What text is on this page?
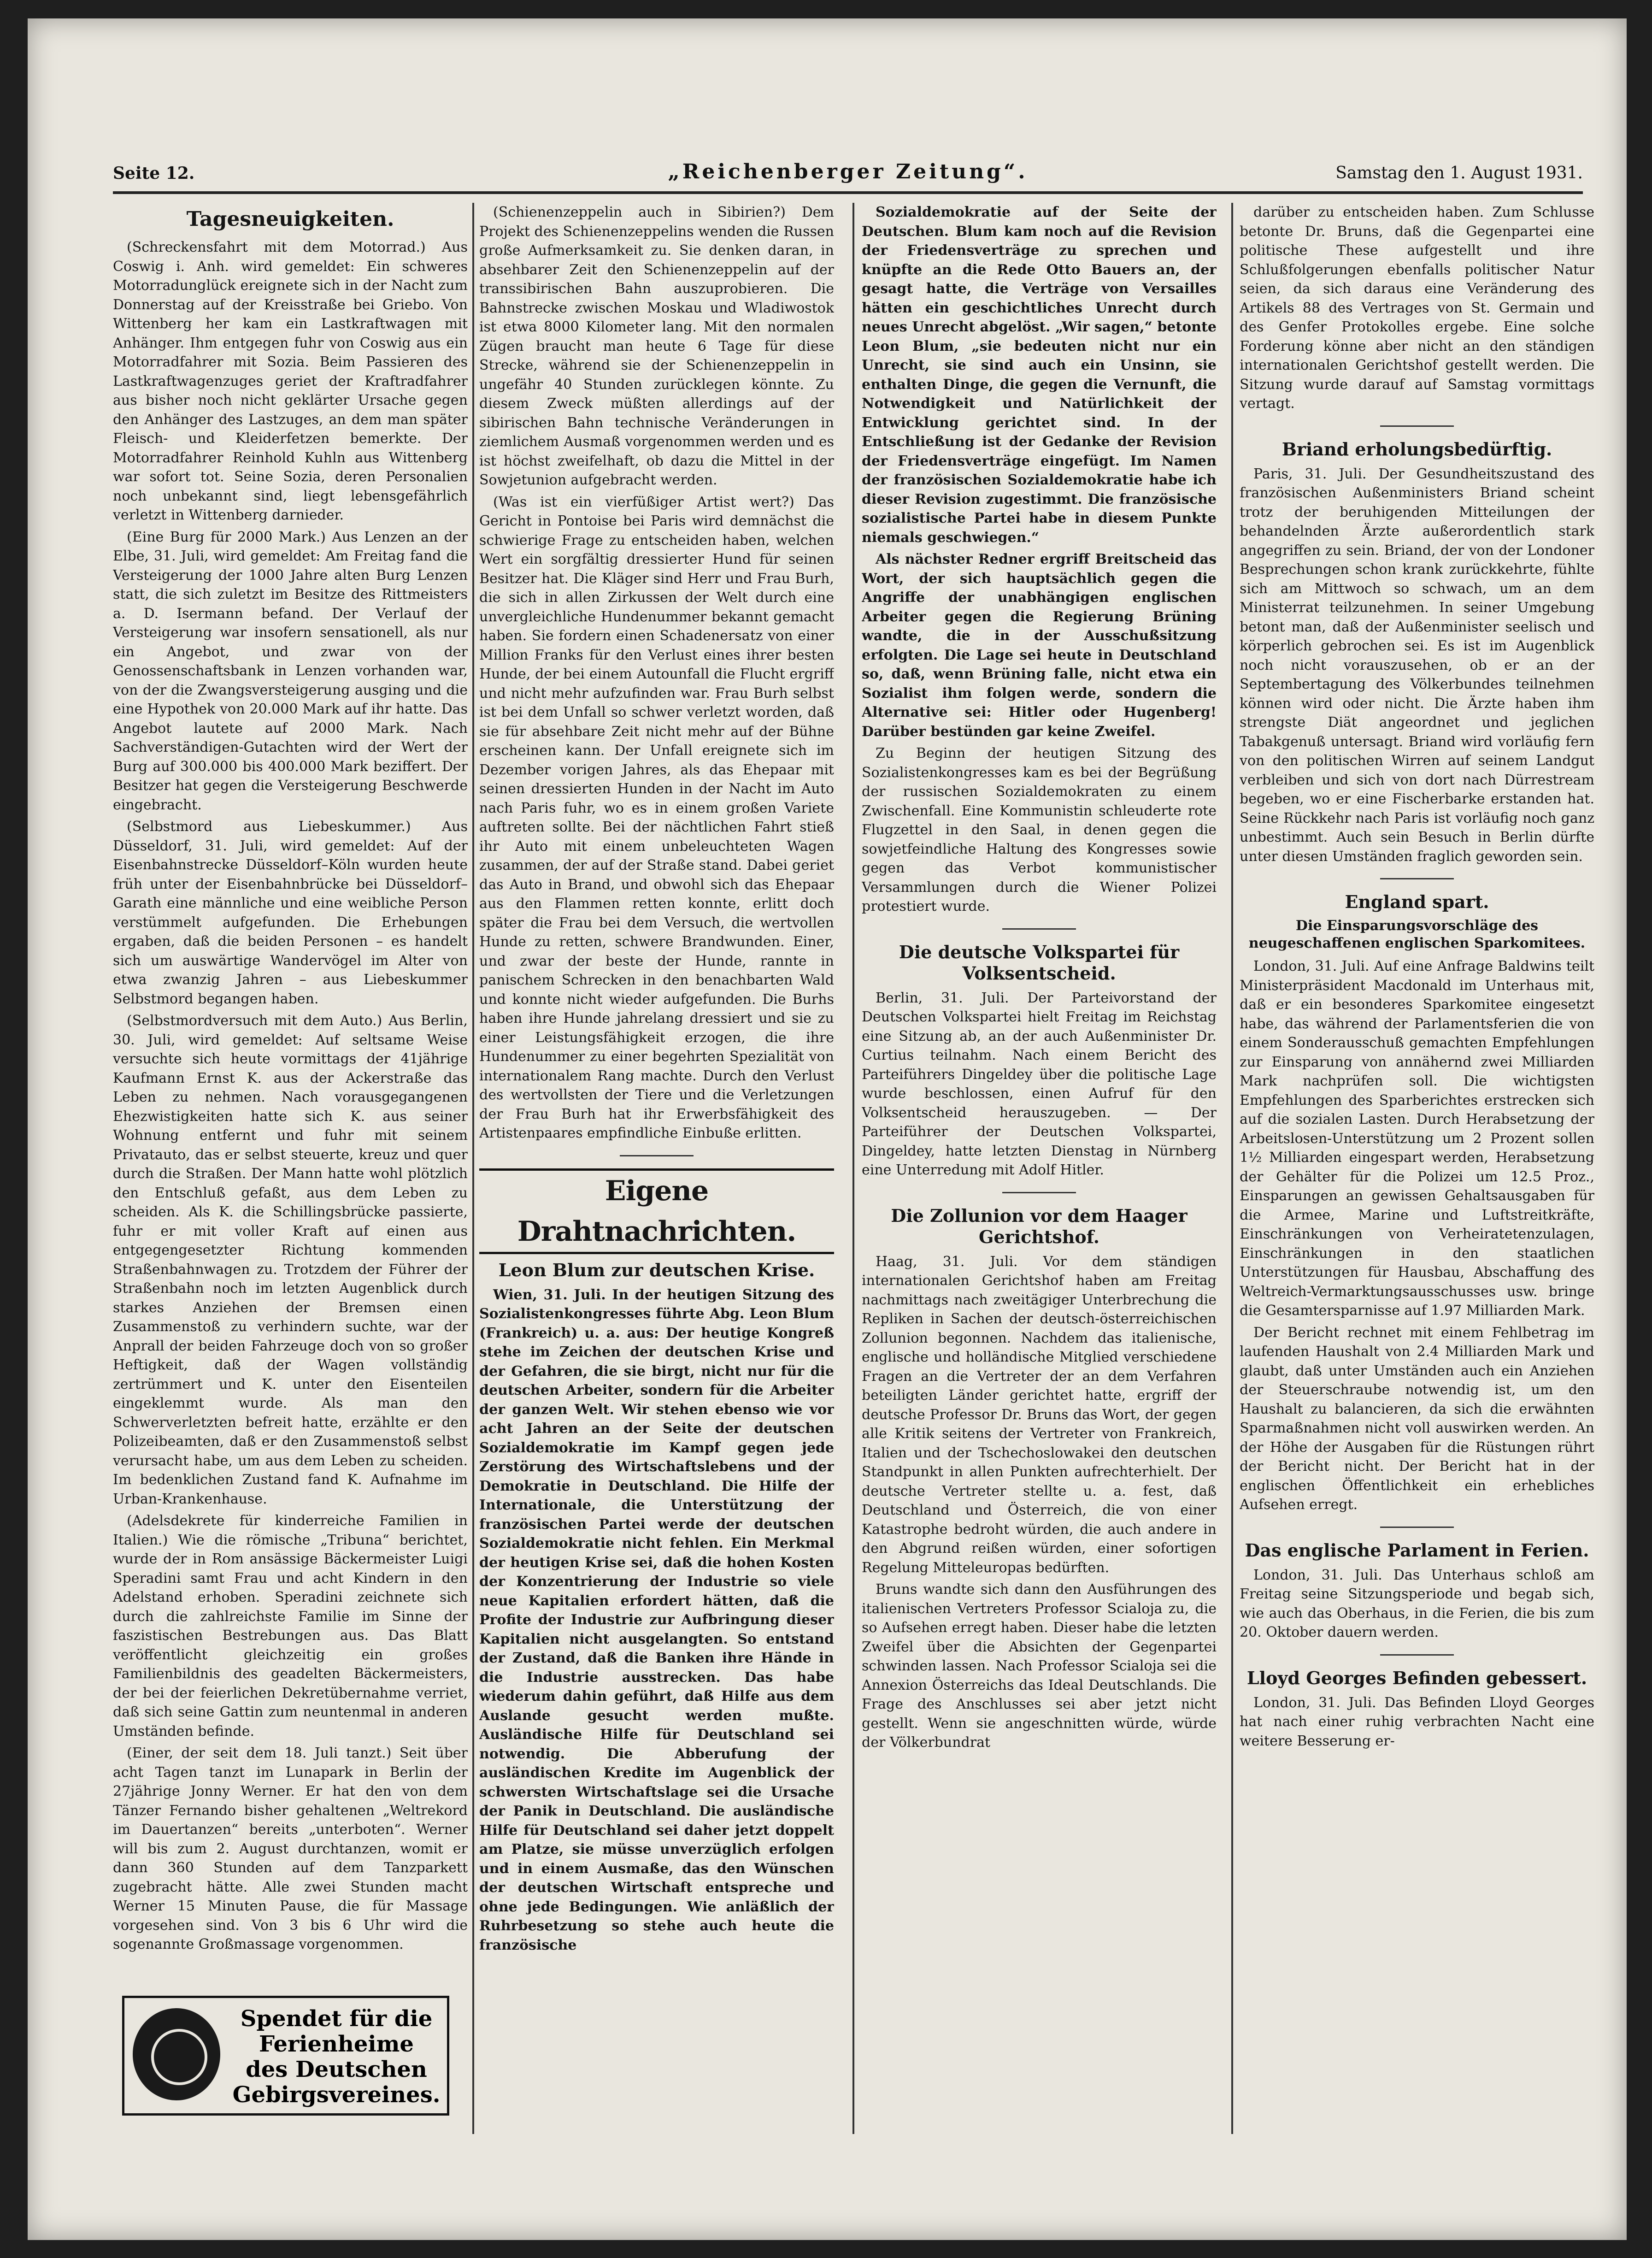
Seite 12.	„Reichenberger Zeitung“.	Samstag den 1. August 1931.
Tagesneuigkeiten.

(Schreckensfahrt mit dem Motorrad.) Aus Coswig i. Anh. wird gemeldet: Ein schweres Motorradunglück ereignete sich in der Nacht zum Donnerstag auf der Kreisstraße bei Griebo. Von Wittenberg her kam ein Lastkraftwagen mit Anhänger. Ihm entgegen fuhr von Coswig aus ein Motorradfahrer mit Sozia. Beim Passieren des Lastkraftwagenzuges geriet der Kraftradfahrer aus bisher noch nicht geklärter Ursache gegen den Anhänger des Lastzuges, an dem man später Fleisch- und Kleiderfetzen bemerkte. Der Motorradfahrer Reinhold Kuhln aus Wittenberg war sofort tot. Seine Sozia, deren Personalien noch unbekannt sind, liegt lebensgefährlich verletzt in Wittenberg darnieder.

(Eine Burg für 2000 Mark.) Aus Lenzen an der Elbe, 31. Juli, wird gemeldet: Am Freitag fand die Versteigerung der 1000 Jahre alten Burg Lenzen statt, die sich zuletzt im Besitze des Rittmeisters a. D. Isermann befand. Der Verlauf der Versteigerung war insofern sensationell, als nur ein Angebot, und zwar von der Genossenschaftsbank in Lenzen vorhanden war, von der die Zwangsversteigerung ausging und die eine Hypothek von 20.000 Mark auf ihr hatte. Das Angebot lautete auf 2000 Mark. Nach Sachverständigen-Gutachten wird der Wert der Burg auf 300.000 bis 400.000 Mark beziffert. Der Besitzer hat gegen die Versteigerung Beschwerde eingebracht.

(Selbstmord aus Liebeskummer.) Aus Düsseldorf, 31. Juli, wird gemeldet: Auf der Eisenbahnstrecke Düsseldorf–Köln wurden heute früh unter der Eisenbahnbrücke bei Düsseldorf–Garath eine männliche und eine weibliche Person verstümmelt aufgefunden. Die Erhebungen ergaben, daß die beiden Personen – es handelt sich um auswärtige Wandervögel im Alter von etwa zwanzig Jahren – aus Liebeskummer Selbstmord begangen haben.

(Selbstmordversuch mit dem Auto.) Aus Berlin, 30. Juli, wird gemeldet: Auf seltsame Weise versuchte sich heute vormittags der 41jährige Kaufmann Ernst K. aus der Ackerstraße das Leben zu nehmen. Nach vorausgegangenen Ehezwistigkeiten hatte sich K. aus seiner Wohnung entfernt und fuhr mit seinem Privatauto, das er selbst steuerte, kreuz und quer durch die Straßen. Der Mann hatte wohl plötzlich den Entschluß gefaßt, aus dem Leben zu scheiden. Als K. die Schillingsbrücke passierte, fuhr er mit voller Kraft auf einen aus entgegengesetzter Richtung kommenden Straßenbahnwagen zu. Trotzdem der Führer der Straßenbahn noch im letzten Augenblick durch starkes Anziehen der Bremsen einen Zusammenstoß zu verhindern suchte, war der Anprall der beiden Fahrzeuge doch von so großer Heftigkeit, daß der Wagen vollständig zertrümmert und K. unter den Eisenteilen eingeklemmt wurde. Als man den Schwerverletzten befreit hatte, erzählte er den Polizeibeamten, daß er den Zusammenstoß selbst verursacht habe, um aus dem Leben zu scheiden. Im bedenklichen Zustand fand K. Aufnahme im Urban-Krankenhause.

(Adelsdekrete für kinderreiche Familien in Italien.) Wie die römische „Tribuna“ berichtet, wurde der in Rom ansässige Bäckermeister Luigi Speradini samt Frau und acht Kindern in den Adelstand erhoben. Speradini zeichnete sich durch die zahlreichste Familie im Sinne der faszistischen Bestrebungen aus. Das Blatt veröffentlicht gleichzeitig ein großes Familienbildnis des geadelten Bäckermeisters, der bei der feierlichen Dekretübernahme verriet, daß sich seine Gattin zum neuntenmal in anderen Umständen befinde.

(Einer, der seit dem 18. Juli tanzt.) Seit über acht Tagen tanzt im Lunapark in Berlin der 27jährige Jonny Werner. Er hat den von dem Tänzer Fernando bisher gehaltenen „Weltrekord im Dauertanzen“ bereits „unterboten“. Werner will bis zum 2. August durchtanzen, womit er dann 360 Stunden auf dem Tanzparkett zugebracht hätte. Alle zwei Stunden macht Werner 15 Minuten Pause, die für Massage vorgesehen sind. Von 3 bis 6 Uhr wird die sogenannte Großmassage vorgenommen.

Spendet für die
Ferienheime
des Deutschen
Gebirgsvereines.

(Schienenzeppelin auch in Sibirien?) Dem Projekt des Schienenzeppelins wenden die Russen große Aufmerksamkeit zu. Sie denken daran, in absehbarer Zeit den Schienenzeppelin auf der transsibirischen Bahn auszuprobieren. Die Bahnstrecke zwischen Moskau und Wladiwostok ist etwa 8000 Kilometer lang. Mit den normalen Zügen braucht man heute 6 Tage für diese Strecke, während sie der Schienenzeppelin in ungefähr 40 Stunden zurücklegen könnte. Zu diesem Zweck müßten allerdings auf der sibirischen Bahn technische Veränderungen in ziemlichem Ausmaß vorgenommen werden und es ist höchst zweifelhaft, ob dazu die Mittel in der Sowjetunion aufgebracht werden.

(Was ist ein vierfüßiger Artist wert?) Das Gericht in Pontoise bei Paris wird demnächst die schwierige Frage zu entscheiden haben, welchen Wert ein sorgfältig dressierter Hund für seinen Besitzer hat. Die Kläger sind Herr und Frau Burh, die sich in allen Zirkussen der Welt durch eine unvergleichliche Hundenummer bekannt gemacht haben. Sie fordern einen Schadenersatz von einer Million Franks für den Verlust eines ihrer besten Hunde, der bei einem Autounfall die Flucht ergriff und nicht mehr aufzufinden war. Frau Burh selbst ist bei dem Unfall so schwer verletzt worden, daß sie für absehbare Zeit nicht mehr auf der Bühne erscheinen kann. Der Unfall ereignete sich im Dezember vorigen Jahres, als das Ehepaar mit seinen dressierten Hunden in der Nacht im Auto nach Paris fuhr, wo es in einem großen Variete auftreten sollte. Bei der nächtlichen Fahrt stieß ihr Auto mit einem unbeleuchteten Wagen zusammen, der auf der Straße stand. Dabei geriet das Auto in Brand, und obwohl sich das Ehepaar aus den Flammen retten konnte, erlitt doch später die Frau bei dem Versuch, die wertvollen Hunde zu retten, schwere Brandwunden. Einer, und zwar der beste der Hunde, rannte in panischem Schrecken in den benachbarten Wald und konnte nicht wieder aufgefunden. Die Burhs haben ihre Hunde jahrelang dressiert und sie zu einer Leistungsfähigkeit erzogen, die ihre Hundenummer zu einer begehrten Spezialität von internationalem Rang machte. Durch den Verlust des wertvollsten der Tiere und die Verletzungen der Frau Burh hat ihr Erwerbsfähigkeit des Artistenpaares empfindliche Einbuße erlitten.

Eigene Drahtnachrichten.
Leon Blum zur deutschen Krise.

Wien, 31. Juli. In der heutigen Sitzung des Sozialistenkongresses führte Abg. Leon Blum (Frankreich) u. a. aus: Der heutige Kongreß stehe im Zeichen der deutschen Krise und der Gefahren, die sie birgt, nicht nur für die deutschen Arbeiter, sondern für die Arbeiter der ganzen Welt. Wir stehen ebenso wie vor acht Jahren an der Seite der deutschen Sozialdemokratie im Kampf gegen jede Zerstörung des Wirtschaftslebens und der Demokratie in Deutschland. Die Hilfe der Internationale, die Unterstützung der französischen Partei werde der deutschen Sozialdemokratie nicht fehlen. Ein Merkmal der heutigen Krise sei, daß die hohen Kosten der Konzentrierung der Industrie so viele neue Kapitalien erfordert hätten, daß die Profite der Industrie zur Aufbringung dieser Kapitalien nicht ausgelangten. So entstand der Zustand, daß die Banken ihre Hände in die Industrie ausstrecken. Das habe wiederum dahin geführt, daß Hilfe aus dem Auslande gesucht werden mußte. Ausländische Hilfe für Deutschland sei notwendig. Die Abberufung der ausländischen Kredite im Augenblick der schwersten Wirtschaftslage sei die Ursache der Panik in Deutschland. Die ausländische Hilfe für Deutschland sei daher jetzt doppelt am Platze, sie müsse unverzüglich erfolgen und in einem Ausmaße, das den Wünschen der deutschen Wirtschaft entspreche und ohne jede Bedingungen. Wie anläßlich der Ruhrbesetzung so stehe auch heute die französische

Sozialdemokratie auf der Seite der Deutschen. Blum kam noch auf die Revision der Friedensverträge zu sprechen und knüpfte an die Rede Otto Bauers an, der gesagt hatte, die Verträge von Versailles hätten ein geschichtliches Unrecht durch neues Unrecht abgelöst. „Wir sagen,“ betonte Leon Blum, „sie bedeuten nicht nur ein Unrecht, sie sind auch ein Unsinn, sie enthalten Dinge, die gegen die Vernunft, die Notwendigkeit und Natürlichkeit der Entwicklung gerichtet sind. In der Entschließung ist der Gedanke der Revision der Friedensverträge eingefügt. Im Namen der französischen Sozialdemokratie habe ich dieser Revision zugestimmt. Die französische sozialistische Partei habe in diesem Punkte niemals geschwiegen.“

Als nächster Redner ergriff Breitscheid das Wort, der sich hauptsächlich gegen die Angriffe der unabhängigen englischen Arbeiter gegen die Regierung Brüning wandte, die in der Ausschußsitzung erfolgten. Die Lage sei heute in Deutschland so, daß, wenn Brüning falle, nicht etwa ein Sozialist ihm folgen werde, sondern die Alternative sei: Hitler oder Hugenberg! Darüber bestünden gar keine Zweifel.

Zu Beginn der heutigen Sitzung des Sozialistenkongresses kam es bei der Begrüßung der russischen Sozialdemokraten zu einem Zwischenfall. Eine Kommunistin schleuderte rote Flugzettel in den Saal, in denen gegen die sowjetfeindliche Haltung des Kongresses sowie gegen das Verbot kommunistischer Versammlungen durch die Wiener Polizei protestiert wurde.

Die deutsche Volkspartei für Volksentscheid.

Berlin, 31. Juli. Der Parteivorstand der Deutschen Volkspartei hielt Freitag im Reichstag eine Sitzung ab, an der auch Außenminister Dr. Curtius teilnahm. Nach einem Bericht des Parteiführers Dingeldey über die politische Lage wurde beschlossen, einen Aufruf für den Volksentscheid herauszugeben. — Der Parteiführer der Deutschen Volkspartei, Dingeldey, hatte letzten Dienstag in Nürnberg eine Unterredung mit Adolf Hitler.

Die Zollunion vor dem Haager Gerichtshof.

Haag, 31. Juli. Vor dem ständigen internationalen Gerichtshof haben am Freitag nachmittags nach zweitägiger Unterbrechung die Repliken in Sachen der deutsch-österreichischen Zollunion begonnen. Nachdem das italienische, englische und holländische Mitglied verschiedene Fragen an die Vertreter der an dem Verfahren beteiligten Länder gerichtet hatte, ergriff der deutsche Professor Dr. Bruns das Wort, der gegen alle Kritik seitens der Vertreter von Frankreich, Italien und der Tschechoslowakei den deutschen Standpunkt in allen Punkten aufrechterhielt. Der deutsche Vertreter stellte u. a. fest, daß Deutschland und Österreich, die von einer Katastrophe bedroht würden, die auch andere in den Abgrund reißen würden, einer sofortigen Regelung Mitteleuropas bedürften.

Bruns wandte sich dann den Ausführungen des italienischen Vertreters Professor Scialoja zu, die so Aufsehen erregt haben. Dieser habe die letzten Zweifel über die Absichten der Gegenpartei schwinden lassen. Nach Professor Scialoja sei die Annexion Österreichs das Ideal Deutschlands. Die Frage des Anschlusses sei aber jetzt nicht gestellt. Wenn sie angeschnitten würde, würde der Völkerbundrat

darüber zu entscheiden haben. Zum Schlusse betonte Dr. Bruns, daß die Gegenpartei eine politische These aufgestellt und ihre Schlußfolgerungen ebenfalls politischer Natur seien, da sich daraus eine Veränderung des Artikels 88 des Vertrages von St. Germain und des Genfer Protokolles ergebe. Eine solche Forderung könne aber nicht an den ständigen internationalen Gerichtshof gestellt werden. Die Sitzung wurde darauf auf Samstag vormittags vertagt.

Briand erholungsbedürftig.

Paris, 31. Juli. Der Gesundheitszustand des französischen Außenministers Briand scheint trotz der beruhigenden Mitteilungen der behandelnden Ärzte außerordentlich stark angegriffen zu sein. Briand, der von der Londoner Besprechungen schon krank zurückkehrte, fühlte sich am Mittwoch so schwach, um an dem Ministerrat teilzunehmen. In seiner Umgebung betont man, daß der Außenminister seelisch und körperlich gebrochen sei. Es ist im Augenblick noch nicht vorauszusehen, ob er an der Septembertagung des Völkerbundes teilnehmen können wird oder nicht. Die Ärzte haben ihm strengste Diät angeordnet und jeglichen Tabakgenuß untersagt. Briand wird vorläufig fern von den politischen Wirren auf seinem Landgut verbleiben und sich von dort nach Dürrestream begeben, wo er eine Fischerbarke erstanden hat. Seine Rückkehr nach Paris ist vorläufig noch ganz unbestimmt. Auch sein Besuch in Berlin dürfte unter diesen Umständen fraglich geworden sein.

England spart.
Die Einsparungsvorschläge des neugeschaffenen englischen Sparkomitees.

London, 31. Juli. Auf eine Anfrage Baldwins teilt Ministerpräsident Macdonald im Unterhaus mit, daß er ein besonderes Sparkomitee eingesetzt habe, das während der Parlamentsferien die von einem Sonderausschuß gemachten Empfehlungen zur Einsparung von annähernd zwei Milliarden Mark nachprüfen soll. Die wichtigsten Empfehlungen des Sparberichtes erstrecken sich auf die sozialen Lasten. Durch Herabsetzung der Arbeitslosen-Unterstützung um 2 Prozent sollen 1½ Milliarden eingespart werden, Herabsetzung der Gehälter für die Polizei um 12.5 Proz., Einsparungen an gewissen Gehaltsausgaben für die Armee, Marine und Luftstreitkräfte, Einschränkungen von Verheiratetenzulagen, Einschränkungen in den staatlichen Unterstützungen für Hausbau, Abschaffung des Weltreich-Vermarktungsausschusses usw. bringe die Gesamtersparnisse auf 1.97 Milliarden Mark.

Der Bericht rechnet mit einem Fehlbetrag im laufenden Haushalt von 2.4 Milliarden Mark und glaubt, daß unter Umständen auch ein Anziehen der Steuerschraube notwendig ist, um den Haushalt zu balancieren, da sich die erwähnten Sparmaßnahmen nicht voll auswirken werden. An der Höhe der Ausgaben für die Rüstungen rührt der Bericht nicht. Der Bericht hat in der englischen Öffentlichkeit ein erhebliches Aufsehen erregt.

Das englische Parlament in Ferien.

London, 31. Juli. Das Unterhaus schloß am Freitag seine Sitzungsperiode und begab sich, wie auch das Oberhaus, in die Ferien, die bis zum 20. Oktober dauern werden.

Lloyd Georges Befinden gebessert.

London, 31. Juli. Das Befinden Lloyd Georges hat nach einer ruhig verbrachten Nacht eine weitere Besserung er-
